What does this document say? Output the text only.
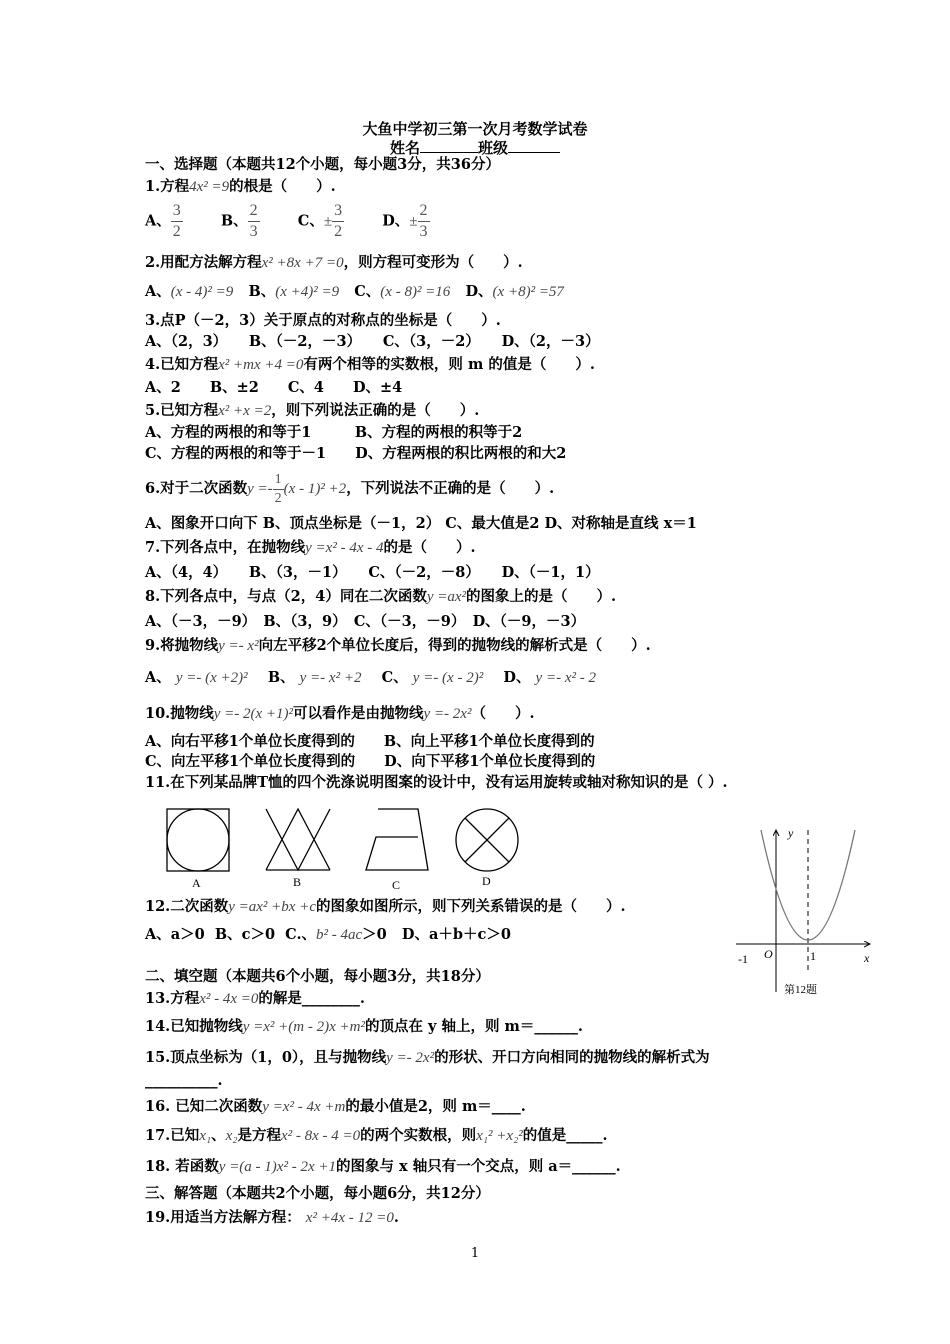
大鱼中学初三第一次月考数学试卷
姓名	班级
一、选择题（本题共12个小题，每小题3分，共36分）
1.方程4x² =9的根是（　　）.
A、 $\frac{3}{2}$	B、 $\frac{2}{3}$	C、± $\frac{3}{2}$	D、± $\frac{2}{3}$
2.用配方法解方程x² +8x +7 =0，则方程可变形为（　　）.
A、(x - 4)² =9 B、(x +4)² =9 C、(x - 8)² =16 D、(x +8)² =57
3.点P（－2，3）关于原点的对称点的坐标是（　　）.
A、（2，3）　　B、（－2，－3）　　C、（3，－2）　　D、（2，－3）
4.已知方程x² +mx +4 =0有两个相等的实数根，则 m 的值是（　　）.
A、2　　B、±2　　C、4　　D、±4
5.已知方程x² +x =2，则下列说法正确的是（　　）.
A、方程的两根的和等于1　　　B、方程的两根的积等于2
C、方程的两根的和等于－1　　D、方程两根的积比两根的和大2
6.对于二次函数$y =- \frac{1}{2} (x - 1)^2 +2$，下列说法不正确的是（　　）.
A、图象开口向下 B、顶点坐标是（－1，2） C、最大值是2 D、对称轴是直线 x＝1
7.下列各点中，在抛物线y =x² - 4x - 4的是（　　）.
A、（4，4）　　B、（3，－1）　　C、（－2，－8）　　D、（－1，1）
8.下列各点中，与点（2，4）同在二次函数y =ax²的图象上的是（　　）.
A、（－3，－9）　B、（3，9）　C、（－3，－9）　D、（－9，－3）
9.将抛物线y =- x²向左平移2个单位长度后，得到的抛物线的解析式是（　　）.
A、 y =- (x +2)² B、 y =- x² +2 C、 y =- (x - 2)² D、 y =- x² - 2
10.抛物线y =- 2(x +1)²可以看作是由抛物线y =- 2x²（　　）.
A、向右平移1个单位长度得到的　　B、向上平移1个单位长度得到的
C、向左平移1个单位长度得到的　　D、向下平移1个单位长度得到的
11.在下列某品牌T恤的四个洗涤说明图案的设计中，没有运用旋转或轴对称知识的是（ ）.
A	B	C	D
y
x
O
-1	1
第12题
12.二次函数y =ax² +bx +c的图象如图所示，则下列关系错误的是（　　）.
A、a＞0 B、c＞0 C.、b² - 4ac＞0 D、a＋b＋c＞0
二、填空题（本题共6个小题，每小题3分，共18分）
13.方程x² - 4x =0的解是________.
14.已知抛物线y =x² +(m - 2)x +m²的顶点在 y 轴上，则 m＝______.
15.顶点坐标为（1，0），且与抛物线y =- 2x²的形状、开口方向相同的抛物线的解析式为
__________.
16. 已知二次函数y =x² - 4x +m的最小值是2，则 m＝____.
17.已知x₁、x₂是方程x² - 8x - 4 =0的两个实数根，则x₁² +x₂²的值是_____.
18. 若函数y =(a - 1)x² - 2x +1的图象与 x 轴只有一个交点，则 a＝______.
三、解答题（本题共2个小题，每小题6分，共12分）
19.用适当方法解方程： x² +4x - 12 =0.
1
